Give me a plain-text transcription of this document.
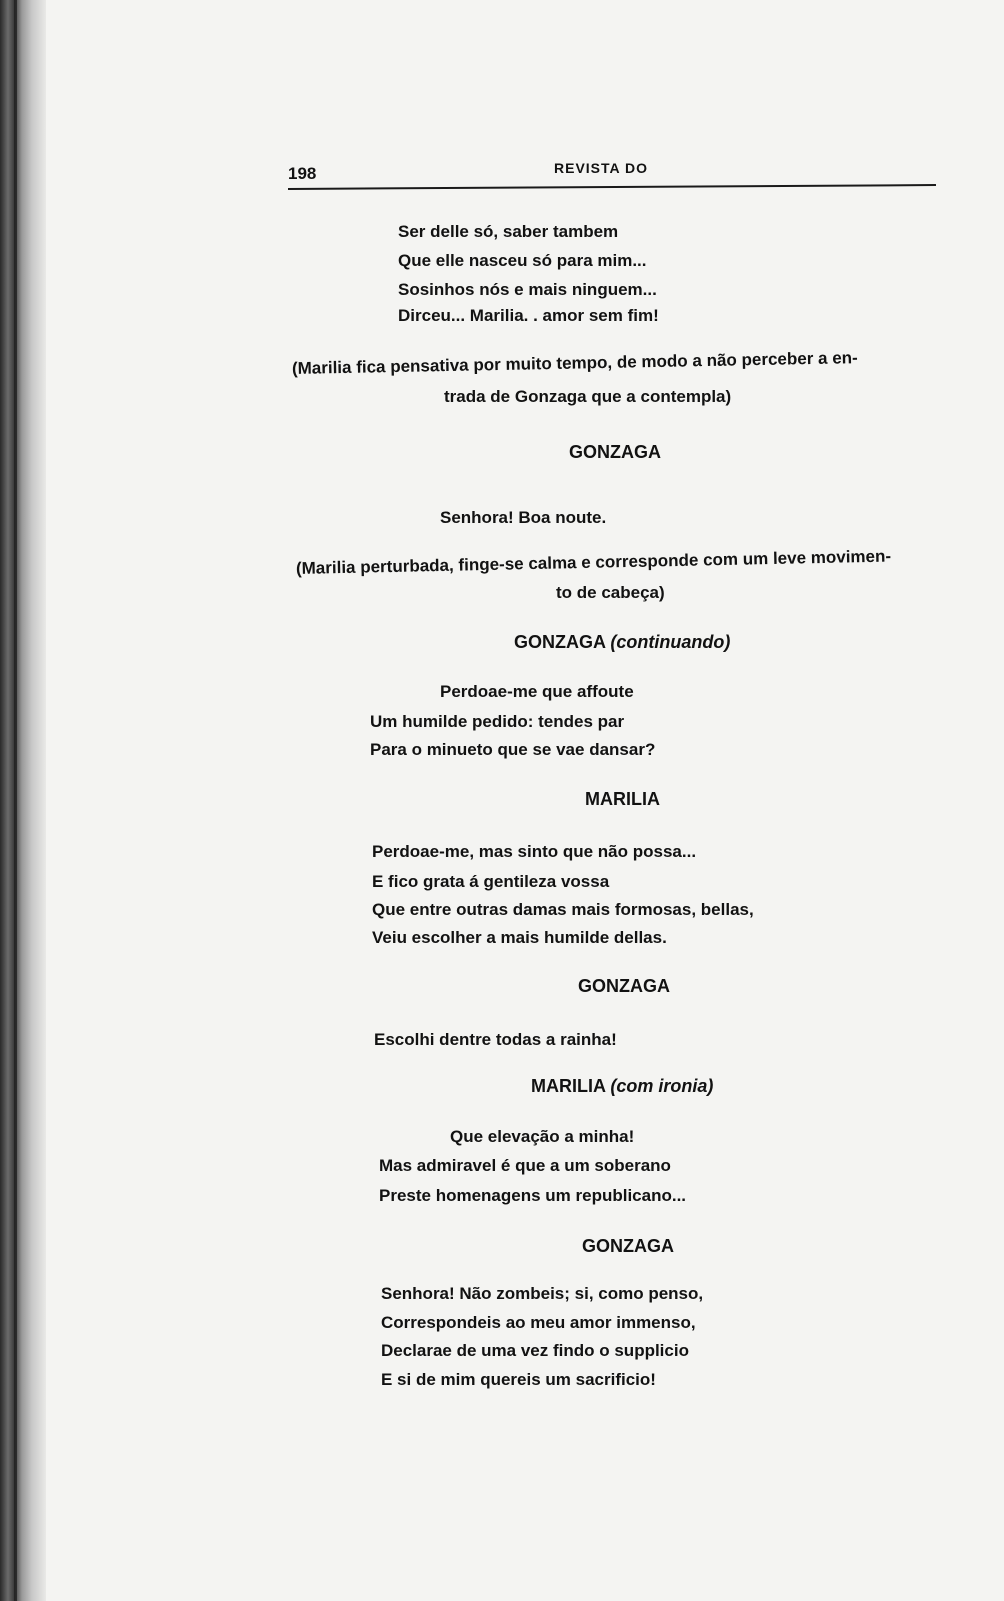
198	REVISTA DO
Ser delle só, saber tambem
Que elle nasceu só para mim...
Sosinhos nós e mais ninguem...
Dirceu... Marilia. . amor sem fim!
(Marilia fica pensativa por muito tempo, de modo a não perceber a en-
trada de Gonzaga que a contempla)
GONZAGA
Senhora! Boa noute.
(Marilia perturbada, finge-se calma e corresponde com um leve movimen-
to de cabeça)
GONZAGA (continuando)
Perdoae-me que affoute
Um humilde pedido: tendes par
Para o minueto que se vae dansar?
MARILIA
Perdoae-me, mas sinto que não possa...
E fico grata á gentileza vossa
Que entre outras damas mais formosas, bellas,
Veiu escolher a mais humilde dellas.
GONZAGA
Escolhi dentre todas a rainha!
MARILIA (com ironia)
Que elevação a minha!
Mas admiravel é que a um soberano
Preste homenagens um republicano...
GONZAGA
Senhora! Não zombeis; si, como penso,
Correspondeis ao meu amor immenso,
Declarae de uma vez findo o supplicio
E si de mim quereis um sacrificio!
